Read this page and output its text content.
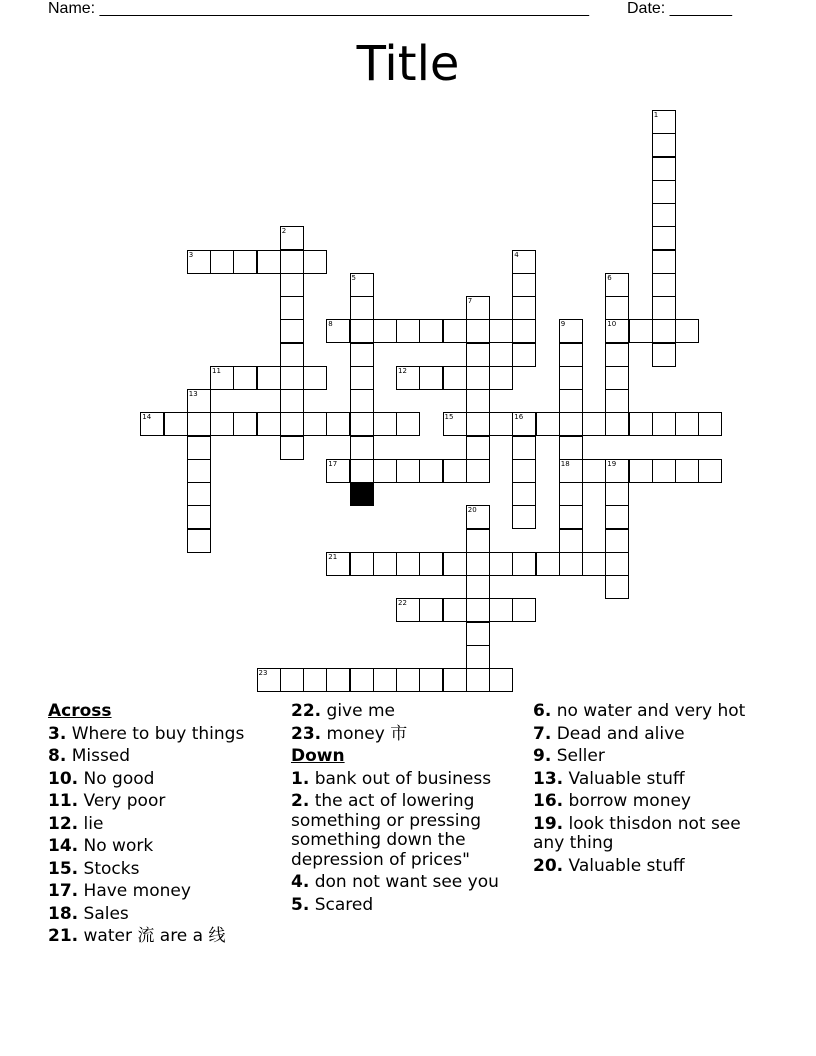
Name: _______________________________________________________ Date: _______
Title
1
2
3	4
5	6
10
7
8	9
18
11	12
13
14	15	16
17	19
20
21
22
23
Across
3. Where to buy things
8. Missed
10. No good
11. Very poor
12. lie
14. No work
15. Stocks
17. Have money
18. Sales
21. water 流 are a 线
22. give me
23. money 市
Down
1. bank out of business
2. the act of lowering something or pressing something down the depression of prices"
4. don not want see you
5. Scared
6. no water and very hot
7. Dead and alive
9. Seller
13. Valuable stuff
16. borrow money
19. look thisdon not see any thing
20. Valuable stuff
